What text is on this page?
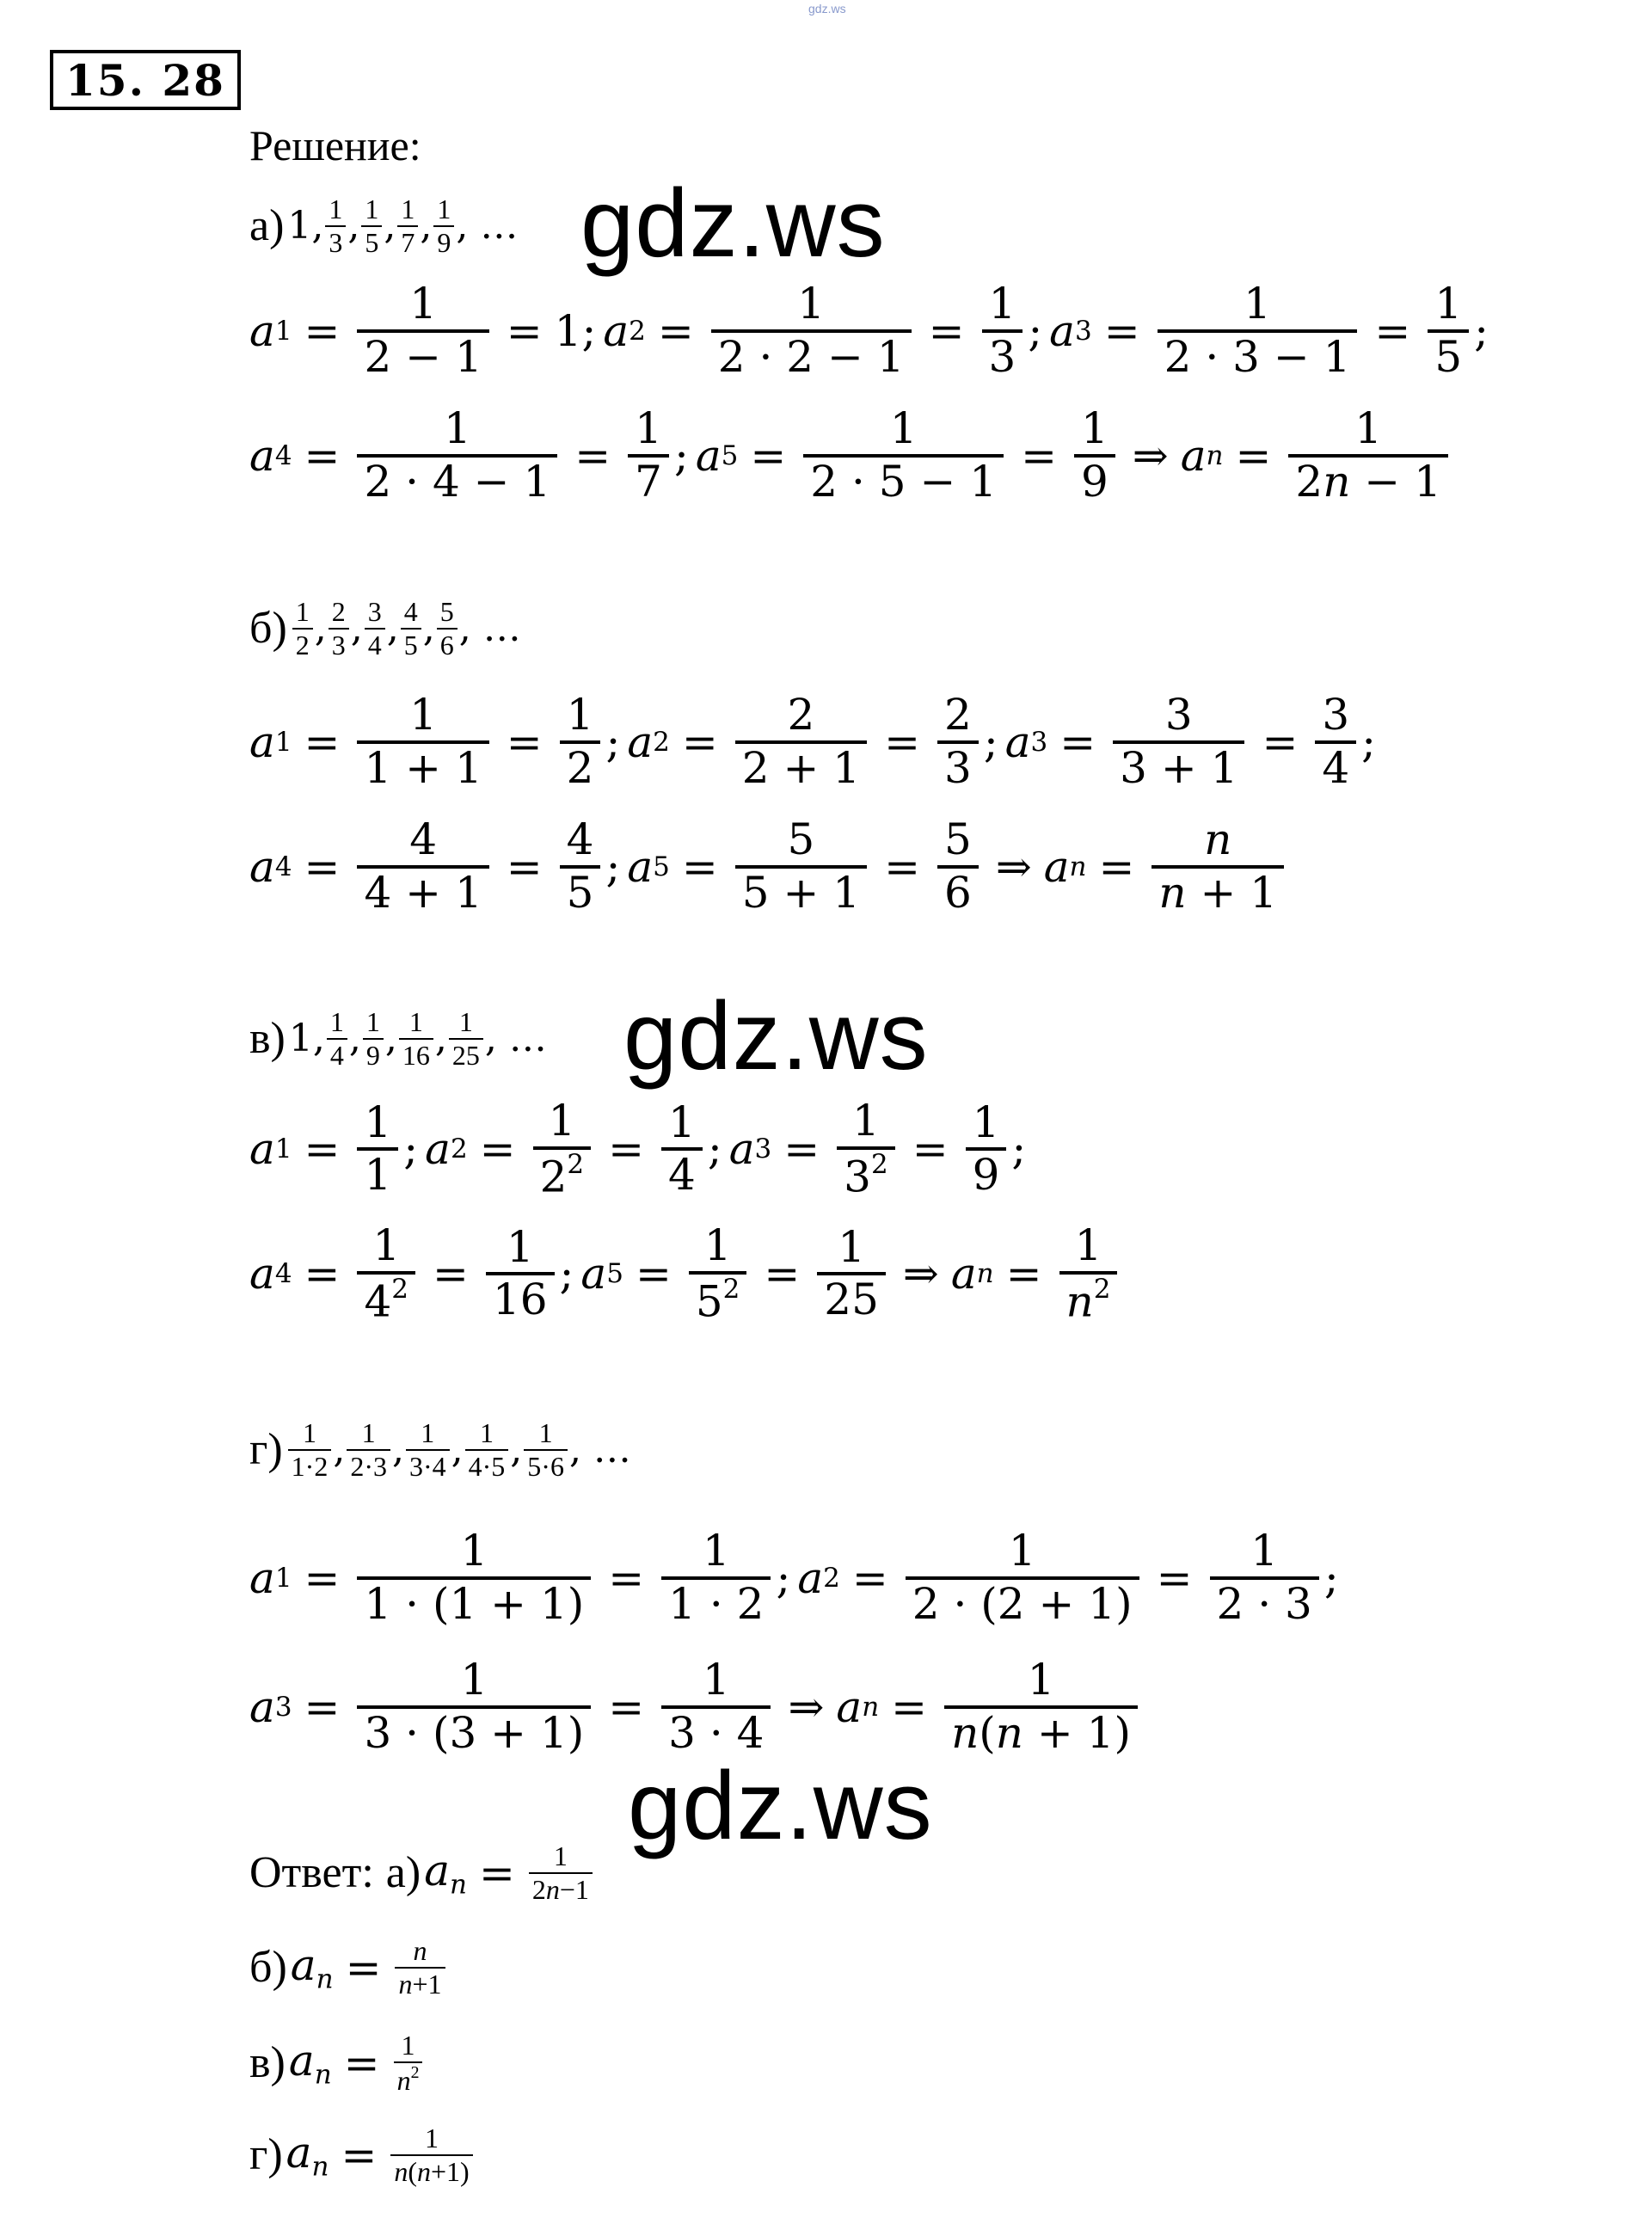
gdz.ws
15. 28
Решение:
а) 1, $\frac{1}{3}$ , $\frac{1}{5}$ , $\frac{1}{7}$ , $\frac{1}{9}$ , … gdz.ws
a $1 = \frac{1}{2 - 1} = 1$; a $2 = \frac{1}{2 \cdot 2 - 1} = \frac{1}{3}$ ; a $3 = \frac{1}{2 \cdot 3 - 1} = \frac{1}{5}$ ;
a $4 = \frac{1}{2 \cdot 4 - 1} = \frac{1}{7}$ ; a $5 = \frac{1}{2 \cdot 5 - 1} = \frac{1}{9}$ ⇒ a $n = \frac{1}{2n - 1}$
$б) \frac{1}{2}$ , $\frac{2}{3}$ , $\frac{3}{4}$ , $\frac{4}{5}$ , $\frac{5}{6}$ , …
a $1 = \frac{1}{1 + 1} = \frac{1}{2}$ ; a $2 = \frac{2}{2 + 1} = \frac{2}{3}$ ; a $3 = \frac{3}{3 + 1} = \frac{3}{4}$ ;
a $4 = \frac{4}{4 + 1} = \frac{4}{5}$ ; a $5 = \frac{5}{5 + 1} = \frac{5}{6}$ ⇒ a $n = \frac{n}{n + 1}$
в) 1, $\frac{1}{4}$ , $\frac{1}{9}$ , $\frac{1}{16}$ , $\frac{1}{25}$ , … gdz.ws
a $1 = \frac{1}{1}$ ; a $2 = \frac{1}{2^2} = \frac{1}{4}$ ; a $3 = \frac{1}{3^2} = \frac{1}{9}$ ;
a $4 = \frac{1}{4^2} = \frac{1}{16}$ ; a $5 = \frac{1}{5^2} = \frac{1}{25}$ ⇒ a $n = \frac{1}{n^2}$
$г) \frac{1}{1\cdot 2}$ , $\frac{1}{2\cdot 3}$ , $\frac{1}{3\cdot 4}$ , $\frac{1}{4\cdot 5}$ , $\frac{1}{5\cdot 6}$ , …
a $1 = \frac{1}{1 \cdot (1 + 1)} = \frac{1}{1 \cdot 2}$ ; a $2 = \frac{1}{2 \cdot (2 + 1)} = \frac{1}{2 \cdot 3}$ ;
a $3 = \frac{1}{3 \cdot (3 + 1)} = \frac{1}{3 \cdot 4}$ ⇒ a $n = \frac{1}{n(n + 1)}$
gdz.ws
Ответ: а) $a_n = \frac{1}{2n-1}$
б) $a_n = \frac{n}{n+1}$
в) $a_n = \frac{1}{n^2}$
г) $a_n = \frac{1}{n(n+1)}$
